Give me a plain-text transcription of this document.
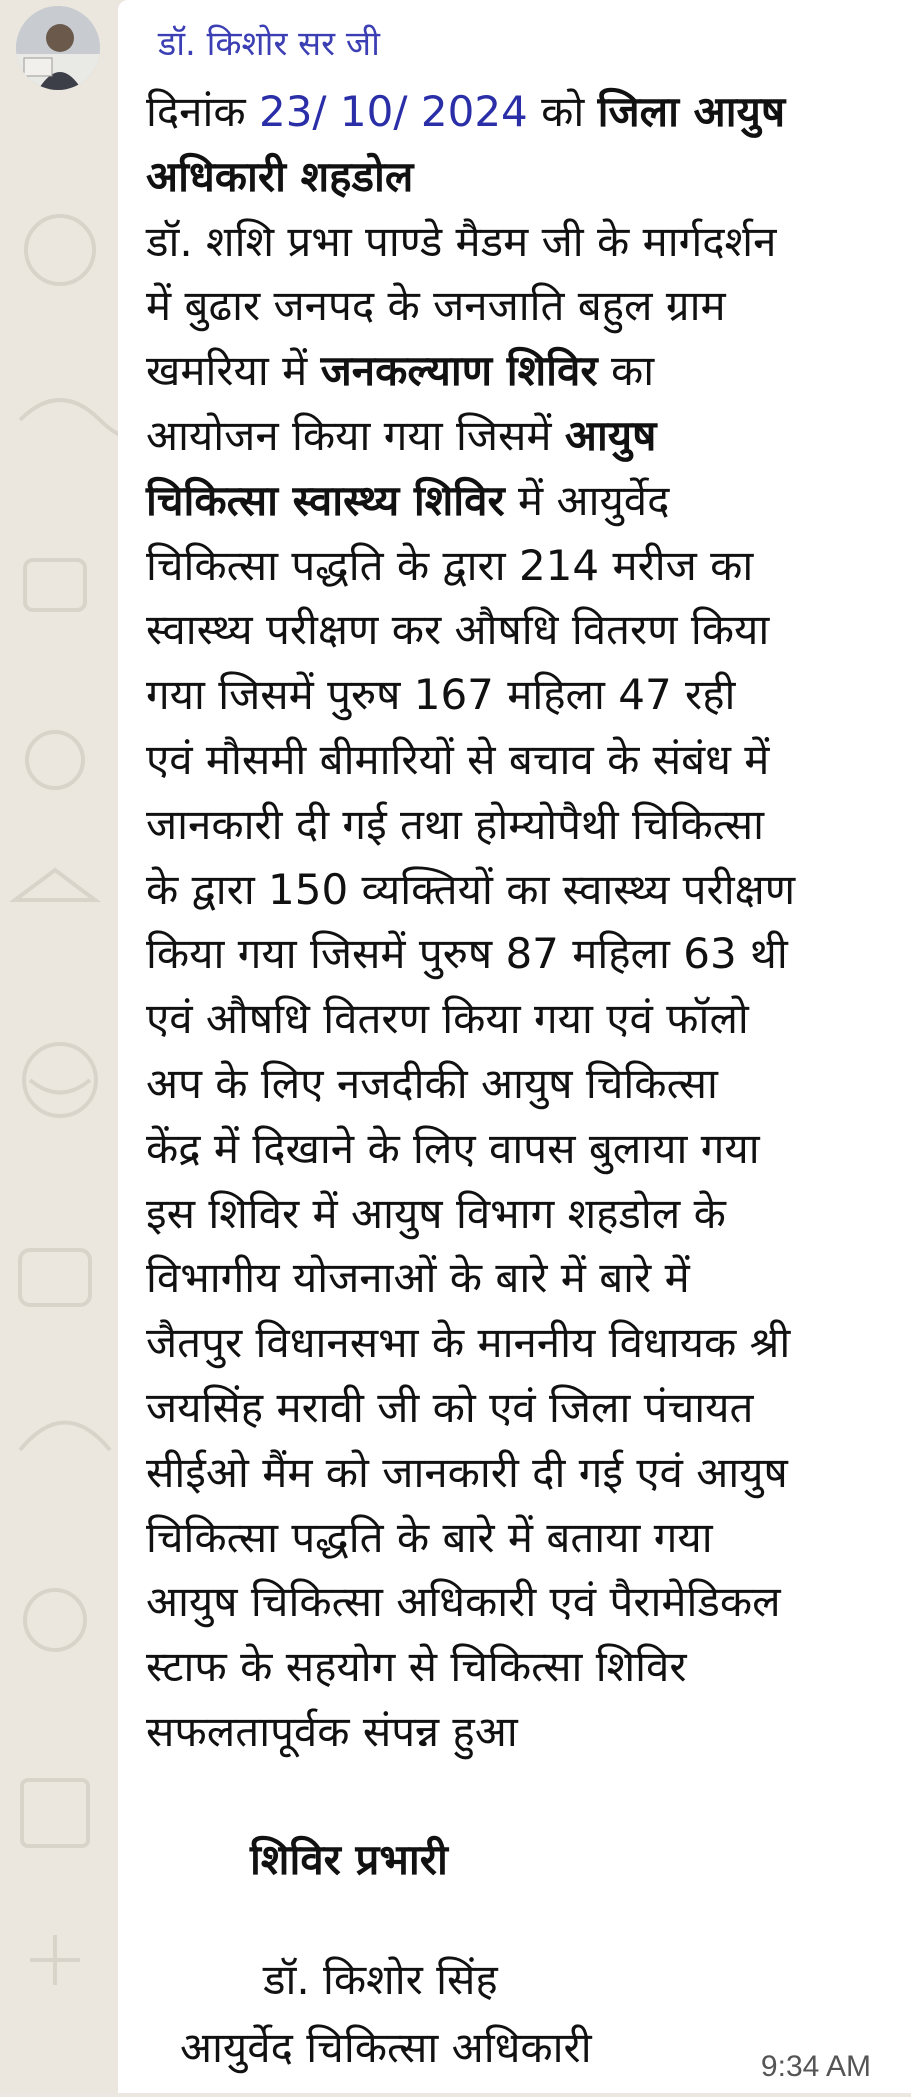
डॉ. किशोर सर जी
दिनांक 23/ 10/ 2024 को जिला आयुष
अधिकारी शहडोल
डॉ. शशि प्रभा पाण्डे मैडम जी के मार्गदर्शन
में बुढार जनपद के जनजाति बहुल ग्राम
खमरिया में जनकल्याण शिविर का
आयोजन किया गया जिसमें आयुष
चिकित्सा स्वास्थ्य शिविर में आयुर्वेद
चिकित्सा पद्धति के द्वारा 214 मरीज का
स्वास्थ्य परीक्षण कर औषधि वितरण किया
गया जिसमें पुरुष 167 महिला 47 रही
एवं मौसमी बीमारियों से बचाव के संबंध में
जानकारी दी गई तथा होम्योपैथी चिकित्सा
के द्वारा 150 व्यक्तियों का स्वास्थ्य परीक्षण
किया गया जिसमें पुरुष 87 महिला 63 थी
एवं औषधि वितरण किया गया एवं फॉलो
अप के लिए नजदीकी आयुष चिकित्सा
केंद्र में दिखाने के लिए वापस बुलाया गया
इस शिविर में आयुष विभाग शहडोल के
विभागीय योजनाओं के बारे में बारे में
जैतपुर विधानसभा के माननीय विधायक श्री
जयसिंह मरावी जी को एवं जिला पंचायत
सीईओ मैंम को जानकारी दी गई एवं आयुष
चिकित्सा पद्धति के बारे में बताया गया
आयुष चिकित्सा अधिकारी एवं पैरामेडिकल
स्टाफ के सहयोग से चिकित्सा शिविर
सफलतापूर्वक संपन्न हुआ
शिविर प्रभारी
डॉ. किशोर सिंह
आयुर्वेद चिकित्सा अधिकारी	9:34 AM
